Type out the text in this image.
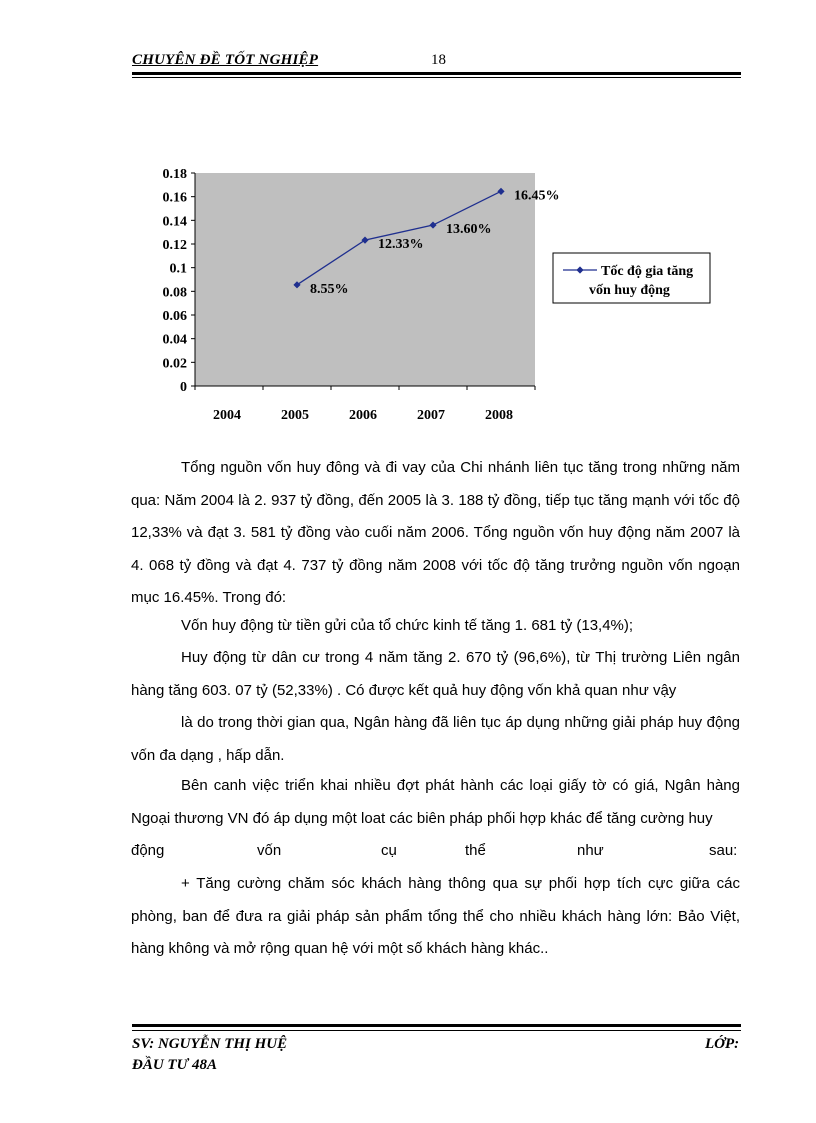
CHUYÊN ĐỀ TỐT NGHIỆP	18
0
0.02
0.04
0.06
0.08
0.1
0.12
0.14
0.16
0.18
2004	2005	2006	2007	2008
8.55%
12.33%
13.60%
16.45%
Tốc độ gia tăng
vốn huy động
Tổng nguồn vốn huy đông và đi vay của Chi nhánh liên tục tăng trong những năm qua: Năm 2004 là 2. 937 tỷ đồng, đến 2005 là 3. 188 tỷ đồng, tiếp tục tăng mạnh với tốc độ 12,33% và đạt 3. 581 tỷ đồng vào cuối năm 2006. Tổng nguồn vốn huy động năm 2007 là 4. 068 tỷ đồng và đạt 4. 737 tỷ đồng năm 2008 với tốc độ tăng trưởng nguồn vốn ngoạn mục 16.45%. Trong đó:
Vốn huy động từ tiền gửi của tổ chức kinh tế tăng 1. 681 tỷ (13,4%);
Huy động từ dân cư trong 4 năm tăng 2. 670 tỷ (96,6%), từ Thị trường Liên ngân hàng tăng 603. 07 tỷ (52,33%) . Có được kết quả huy động vốn khả quan như vậy
là do trong thời gian qua, Ngân hàng đã liên tục áp dụng những giải pháp huy động vốn đa dạng , hấp dẫn.
Bên canh việc triển khai nhiều đợt phát hành các loại giấy tờ có giá, Ngân hàng Ngoại thương VN đó áp dụng một loat các biên pháp phối hợp khác để tăng cường huy
động	vốn	cụ	thể	như	sau:
+ Tăng cường chăm sóc khách hàng thông qua sự phối hợp tích cực giữa các phòng, ban để đưa ra giải pháp sản phẩm tổng thể cho nhiều khách hàng lớn: Bảo Việt, hàng không và mở rộng quan hệ với một số khách hàng khác..
SV: NGUYỄN THỊ HUỆ
ĐẦU TƯ 48A
LỚP:
